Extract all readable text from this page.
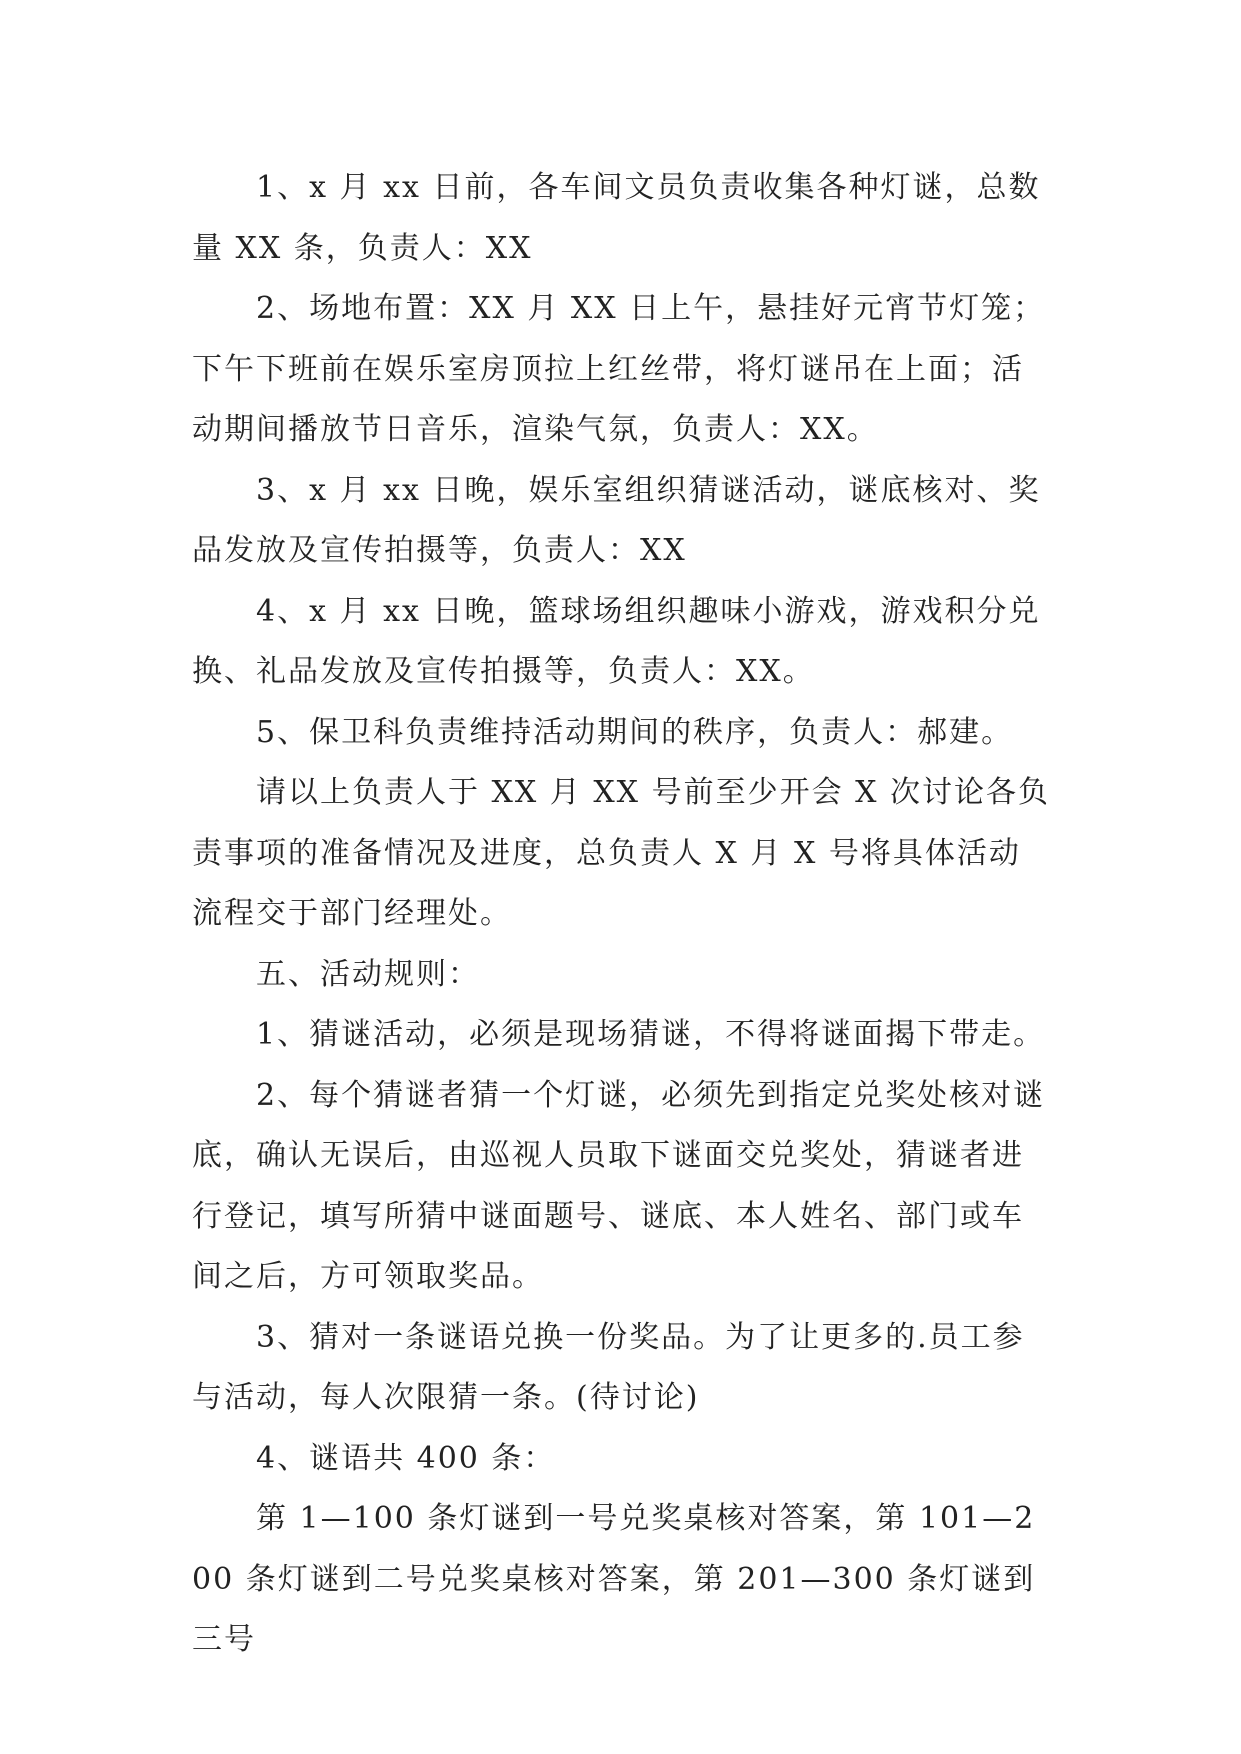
1、x 月 xx 日前，各车间文员负责收集各种灯谜，总数量 XX 条，负责人：XX

2、场地布置：XX 月 XX 日上午，悬挂好元宵节灯笼；下午下班前在娱乐室房顶拉上红丝带，将灯谜吊在上面；活动期间播放节日音乐，渲染气氛，负责人：XX。

3、x 月 xx 日晚，娱乐室组织猜谜活动，谜底核对、奖品发放及宣传拍摄等，负责人：XX

4、x 月 xx 日晚，篮球场组织趣味小游戏，游戏积分兑换、礼品发放及宣传拍摄等，负责人：XX。

5、保卫科负责维持活动期间的秩序，负责人：郝建。

请以上负责人于 XX 月 XX 号前至少开会 X 次讨论各负责事项的准备情况及进度，总负责人 X 月 X 号将具体活动流程交于部门经理处。

五、活动规则：

1、猜谜活动，必须是现场猜谜，不得将谜面揭下带走。

2、每个猜谜者猜一个灯谜，必须先到指定兑奖处核对谜底，确认无误后，由巡视人员取下谜面交兑奖处，猜谜者进行登记，填写所猜中谜面题号、谜底、本人姓名、部门或车间之后，方可领取奖品。

3、猜对一条谜语兑换一份奖品。为了让更多的.员工参与活动，每人次限猜一条。(待讨论)

4、谜语共 400 条：

第 1—100 条灯谜到一号兑奖桌核对答案，第 101—200 条灯谜到二号兑奖桌核对答案，第 201—300 条灯谜到三号
